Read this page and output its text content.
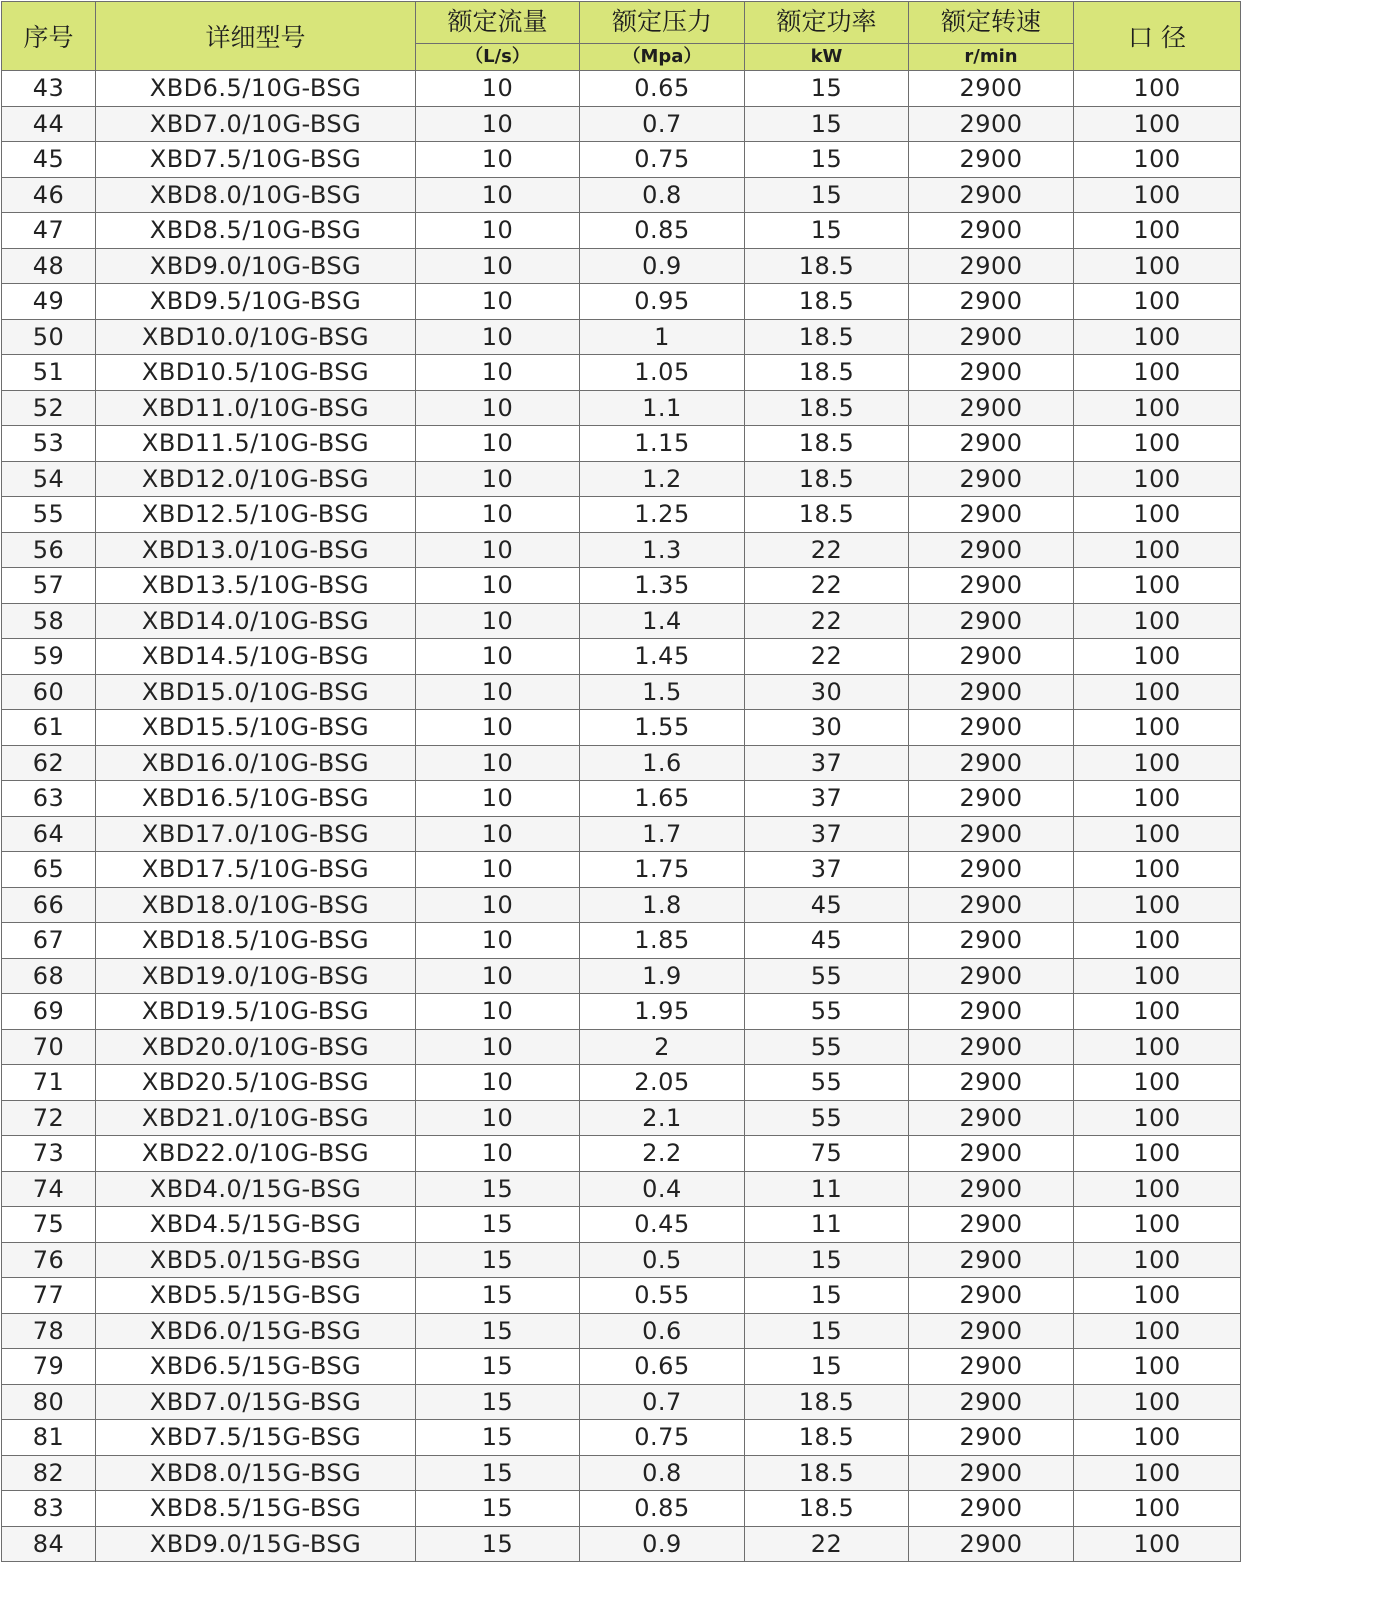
序号	详细型号	额定流量	额定压力	额定功率	额定转速	口 径
		（L/s）	（Mpa）	kW	r/min	
43	XBD6.5/10G-BSG	10	0.65	15	2900	100
44	XBD7.0/10G-BSG	10	0.7	15	2900	100
45	XBD7.5/10G-BSG	10	0.75	15	2900	100
46	XBD8.0/10G-BSG	10	0.8	15	2900	100
47	XBD8.5/10G-BSG	10	0.85	15	2900	100
48	XBD9.0/10G-BSG	10	0.9	18.5	2900	100
49	XBD9.5/10G-BSG	10	0.95	18.5	2900	100
50	XBD10.0/10G-BSG	10	1	18.5	2900	100
51	XBD10.5/10G-BSG	10	1.05	18.5	2900	100
52	XBD11.0/10G-BSG	10	1.1	18.5	2900	100
53	XBD11.5/10G-BSG	10	1.15	18.5	2900	100
54	XBD12.0/10G-BSG	10	1.2	18.5	2900	100
55	XBD12.5/10G-BSG	10	1.25	18.5	2900	100
56	XBD13.0/10G-BSG	10	1.3	22	2900	100
57	XBD13.5/10G-BSG	10	1.35	22	2900	100
58	XBD14.0/10G-BSG	10	1.4	22	2900	100
59	XBD14.5/10G-BSG	10	1.45	22	2900	100
60	XBD15.0/10G-BSG	10	1.5	30	2900	100
61	XBD15.5/10G-BSG	10	1.55	30	2900	100
62	XBD16.0/10G-BSG	10	1.6	37	2900	100
63	XBD16.5/10G-BSG	10	1.65	37	2900	100
64	XBD17.0/10G-BSG	10	1.7	37	2900	100
65	XBD17.5/10G-BSG	10	1.75	37	2900	100
66	XBD18.0/10G-BSG	10	1.8	45	2900	100
67	XBD18.5/10G-BSG	10	1.85	45	2900	100
68	XBD19.0/10G-BSG	10	1.9	55	2900	100
69	XBD19.5/10G-BSG	10	1.95	55	2900	100
70	XBD20.0/10G-BSG	10	2	55	2900	100
71	XBD20.5/10G-BSG	10	2.05	55	2900	100
72	XBD21.0/10G-BSG	10	2.1	55	2900	100
73	XBD22.0/10G-BSG	10	2.2	75	2900	100
74	XBD4.0/15G-BSG	15	0.4	11	2900	100
75	XBD4.5/15G-BSG	15	0.45	11	2900	100
76	XBD5.0/15G-BSG	15	0.5	15	2900	100
77	XBD5.5/15G-BSG	15	0.55	15	2900	100
78	XBD6.0/15G-BSG	15	0.6	15	2900	100
79	XBD6.5/15G-BSG	15	0.65	15	2900	100
80	XBD7.0/15G-BSG	15	0.7	18.5	2900	100
81	XBD7.5/15G-BSG	15	0.75	18.5	2900	100
82	XBD8.0/15G-BSG	15	0.8	18.5	2900	100
83	XBD8.5/15G-BSG	15	0.85	18.5	2900	100
84	XBD9.0/15G-BSG	15	0.9	22	2900	100
